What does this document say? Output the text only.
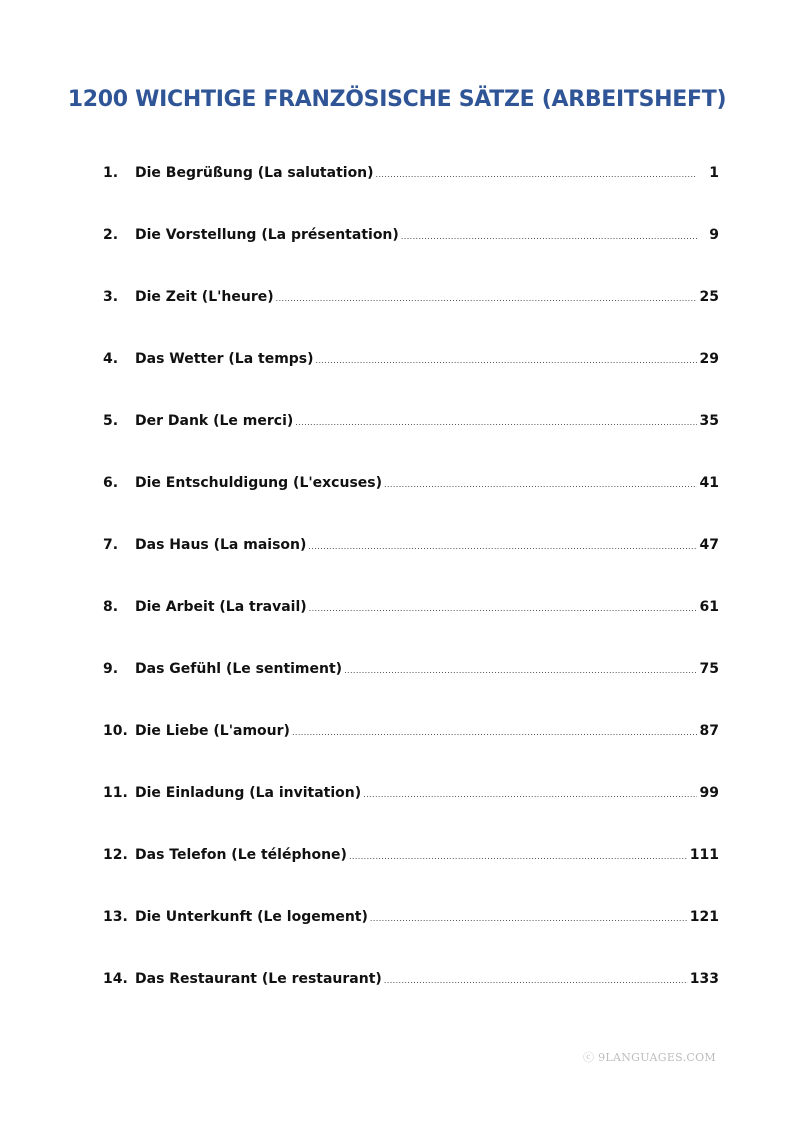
1200 WICHTIGE FRANZÖSISCHE SÄTZE (ARBEITSHEFT)
1.	Die Begrüßung (La salutation) .....	1
2.	Die Vorstellung (La présentation) .....	9
3.	Die Zeit (L'heure) .....	25
4.	Das Wetter (La temps) .....	29
5.	Der Dank (Le merci) .....	35
6.	Die Entschuldigung (L'excuses) .....	41
7.	Das Haus (La maison) .....	47
8.	Die Arbeit (La travail) .....	61
9.	Das Gefühl (Le sentiment) .....	75
10. Die Liebe (L'amour) .....	87
11. Die Einladung (La invitation) .....	99
12. Das Telefon (Le téléphone) .....	111
13. Die Unterkunft (Le logement) .....	121
14. Das Restaurant (Le restaurant) .....	133
ⓒ 9LANGUAGES.COM
